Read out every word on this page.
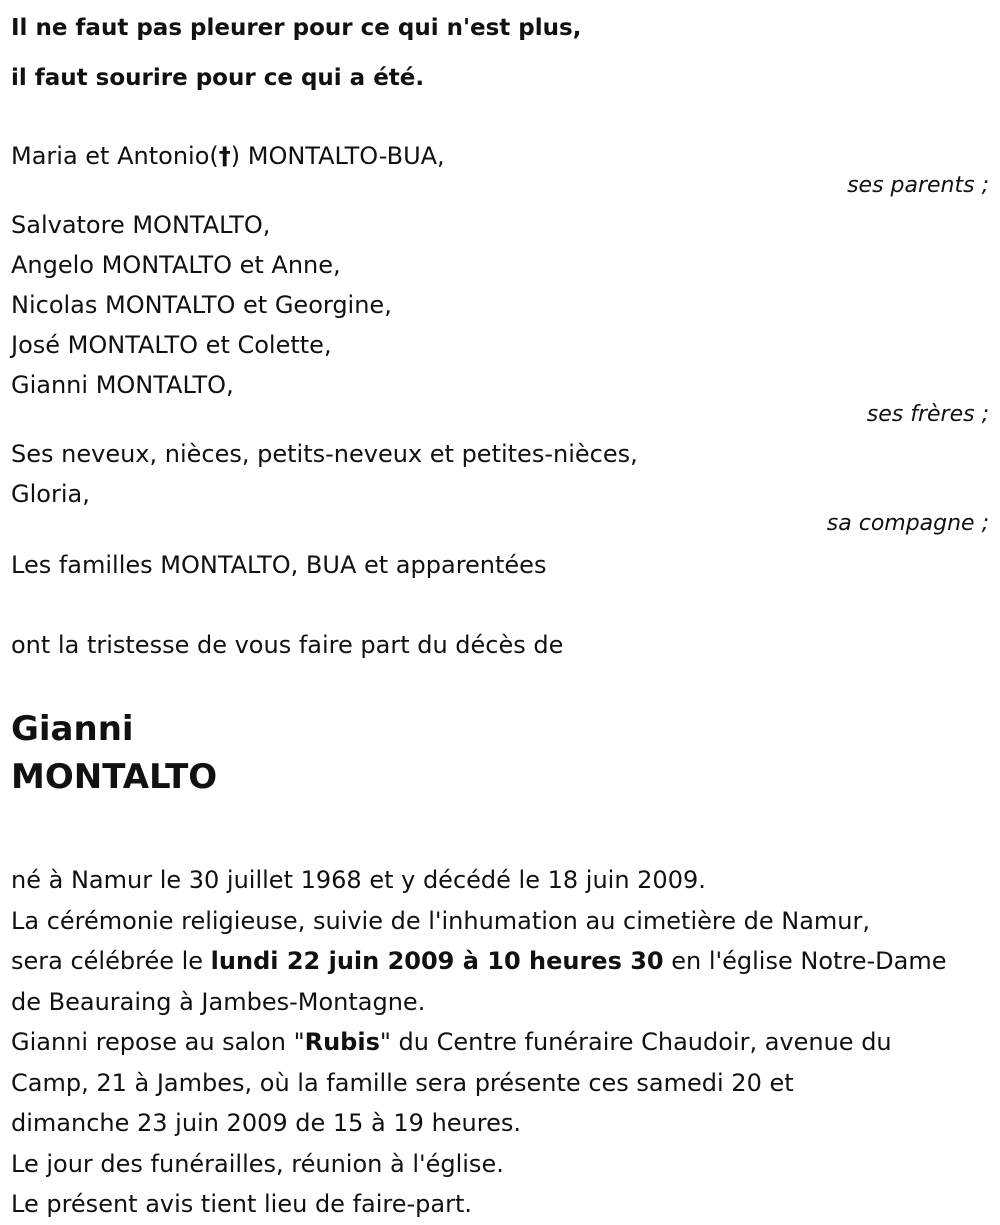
Il ne faut pas pleurer pour ce qui n'est plus,
il faut sourire pour ce qui a été.
Maria et Antonio(†) MONTALTO-BUA,
ses parents ;
Salvatore MONTALTO,
Angelo MONTALTO et Anne,
Nicolas MONTALTO et Georgine,
José MONTALTO et Colette,
Gianni MONTALTO,
ses frères ;
Ses neveux, nièces, petits-neveux et petites-nièces,
Gloria,
sa compagne ;
Les familles MONTALTO, BUA et apparentées
ont la tristesse de vous faire part du décès de
Gianni
MONTALTO
né à Namur le 30 juillet 1968 et y décédé le 18 juin 2009.
La cérémonie religieuse, suivie de l'inhumation au cimetière de Namur,
sera célébrée le lundi 22 juin 2009 à 10 heures 30 en l'église Notre-Dame
de Beauraing à Jambes-Montagne.
Gianni repose au salon "Rubis" du Centre funéraire Chaudoir, avenue du
Camp, 21 à Jambes, où la famille sera présente ces samedi 20 et
dimanche 23 juin 2009 de 15 à 19 heures.
Le jour des funérailles, réunion à l'église.
Le présent avis tient lieu de faire-part.
